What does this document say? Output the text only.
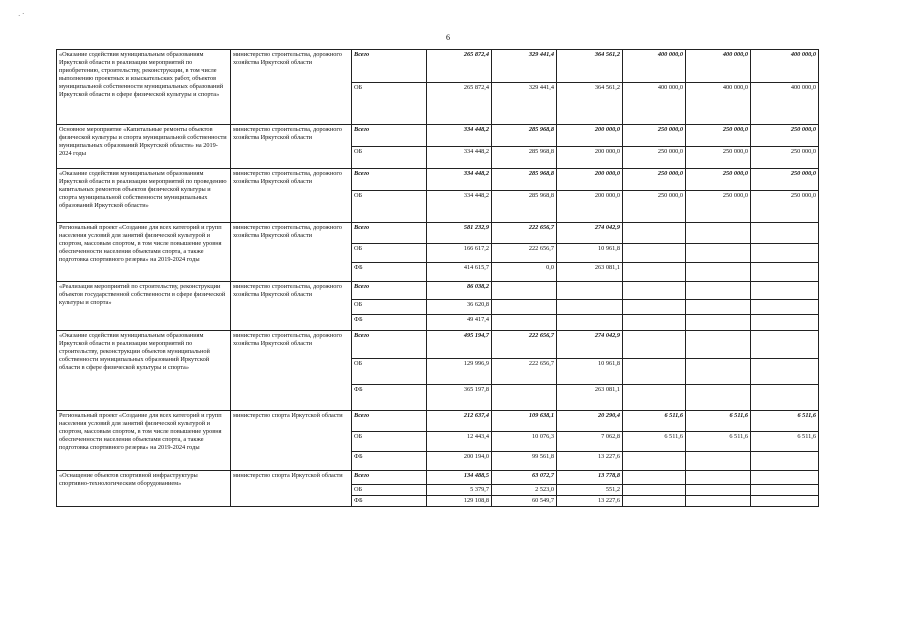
· ˋ
6
«Оказание содействия муниципальным образованиям Иркутской области в реализации мероприятий по приобретению, строительству, реконструкции, в том числе выполнению проектных и изыскательских работ, объектов муниципальной собственности муниципальных образований Иркутской области в сфере физической культуры и спорта»	министерство строительства, дорожного хозяйства Иркутской области	Всего	265 872,4	329 441,4	364 561,2	400 000,0	400 000,0	400 000,0
		ОБ	265 872,4	329 441,4	364 561,2	400 000,0	400 000,0	400 000,0
Основное мероприятие «Капитальные ремонты объектов физической культуры и спорта муниципальной собственности муниципальных образований Иркутской области» на 2019-2024 годы	министерство строительства, дорожного хозяйства Иркутской области	Всего	334 448,2	285 968,8	200 000,0	250 000,0	250 000,0	250 000,0
		ОБ	334 448,2	285 968,8	200 000,0	250 000,0	250 000,0	250 000,0
«Оказание содействия муниципальным образованиям Иркутской области в реализации мероприятий по проведению капитальных ремонтов объектов физической культуры и спорта муниципальной собственности муниципальных образований Иркутской области»	министерство строительства, дорожного хозяйства Иркутской области	Всего	334 448,2	285 968,8	200 000,0	250 000,0	250 000,0	250 000,0
		ОБ	334 448,2	285 968,8	200 000,0	250 000,0	250 000,0	250 000,0
Региональный проект «Создание для всех категорий и групп населения условий для занятий физической культурой и спортом, массовым спортом, в том числе повышение уровня обеспеченности населения объектами спорта, а также подготовка спортивного резерва» на 2019-2024 годы	министерство строительства, дорожного хозяйства Иркутской области	Всего	581 232,9	222 656,7	274 042,9			
		ОБ	166 617,2	222 656,7	10 961,8			
		ФБ	414 615,7	0,0	263 081,1			
«Реализация мероприятий по строительству, реконструкции объектов государственной собственности в сфере физической культуры и спорта»	министерство строительства, дорожного хозяйства Иркутской области	Всего	86 038,2					
		ОБ	36 620,8					
		ФБ	49 417,4					
«Оказание содействия муниципальным образованиям Иркутской области в реализации мероприятий по строительству, реконструкции объектов муниципальной собственности муниципальных образований Иркутской области в сфере физической культуры и спорта»	министерство строительства, дорожного хозяйства Иркутской области	Всего	495 194,7	222 656,7	274 042,9			
		ОБ	129 996,9	222 656,7	10 961,8			
		ФБ	365 197,8		263 081,1			
Региональный проект «Создание для всех категорий и групп населения условий для занятий физической культурой и спортом, массовым спортом, в том числе повышение уровня обеспеченности населения объектами спорта, а также подготовка спортивного резерва» на 2019-2024 годы	министерство спорта Иркутской области	Всего	212 637,4	109 638,1	20 290,4	6 511,6	6 511,6	6 511,6
		ОБ	12 443,4	10 076,3	7 062,8	6 511,6	6 511,6	6 511,6
		ФБ	200 194,0	99 561,8	13 227,6			
«Оснащение объектов спортивной инфраструктуры спортивно-технологическим оборудованием»	министерство спорта Иркутской области	Всего	134 488,5	63 072,7	13 778,8			
		ОБ	5 379,7	2 523,0	551,2			
		ФБ	129 108,8	60 549,7	13 227,6			
